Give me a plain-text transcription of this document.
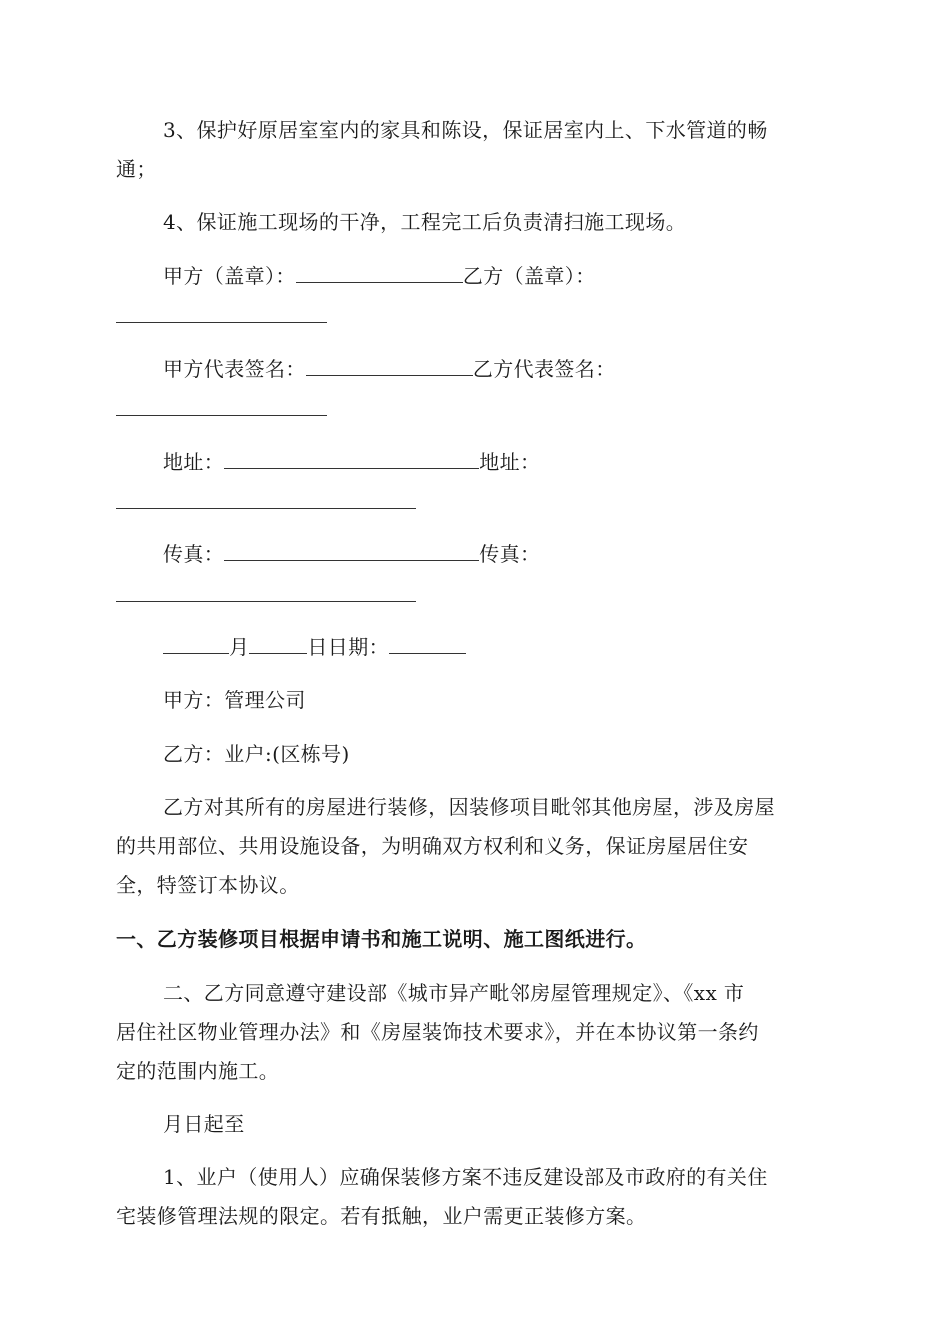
3、保护好原居室室内的家具和陈设，保证居室内上、下水管道的畅
通；
4、保证施工现场的干净，工程完工后负责清扫施工现场。
甲方（盖章）：	乙方（盖章）：
甲方代表签名：	乙方代表签名：
地址：	地址：
传真：	传真：
月	日日期：
甲方：管理公司
乙方：业户:(区栋号)
乙方对其所有的房屋进行装修，因装修项目毗邻其他房屋，涉及房屋
的共用部位、共用设施设备，为明确双方权利和义务，保证房屋居住安
全，特签订本协议。
一、乙方装修项目根据申请书和施工说明、施工图纸进行。
二、乙方同意遵守建设部《城市异产毗邻房屋管理规定》、《xx 市
居住社区物业管理办法》和《房屋装饰技术要求》，并在本协议第一条约
定的范围内施工。
月日起至
1、业户（使用人）应确保装修方案不违反建设部及市政府的有关住
宅装修管理法规的限定。若有抵触，业户需更正装修方案。
